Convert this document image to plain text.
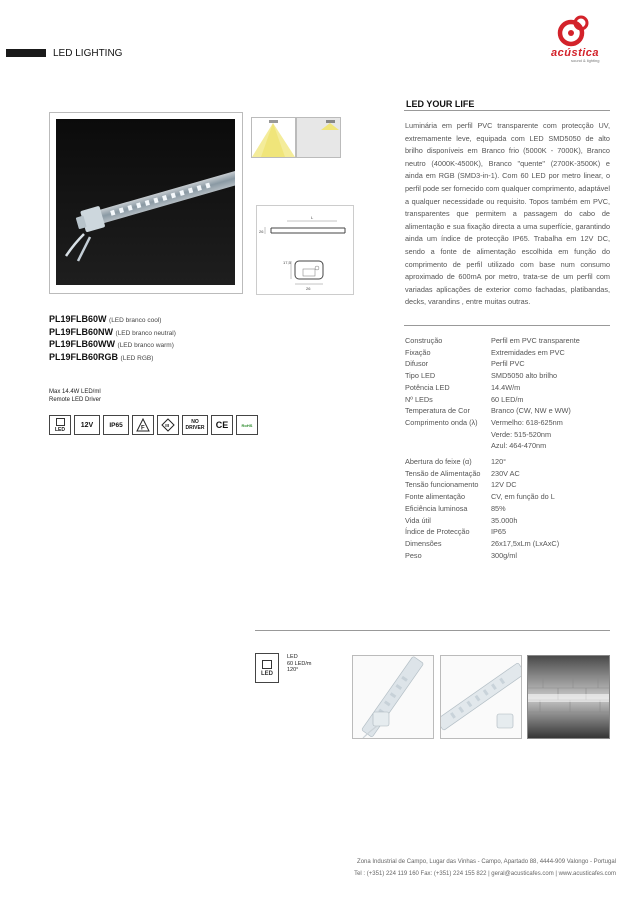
LED LIGHTING	acústica
sound & lighting
L
26
17,5
26
PL19FLB60W (LED branco cool)
PL19FLB60NW (LED branco neutral)
PL19FLB60WW (LED branco warm)
PL19FLB60RGB (LED RGB)
Max 14.4W LED/ml
Remote LED Driver
LED
12V	IP65	F	III
NO DRIVER	CE	RoHS
LED YOUR LIFE

Luminária em perfil PVC transparente com protecção UV, extremamente leve, equipada com LED SMD5050 de alto brilho disponíveis em Branco frio (5000K - 7000K), Branco neutro (4000K-4500K), Branco "quente" (2700K-3500K) e ainda em RGB (SMD3-in-1). Com 60 LED por metro linear, o perfil pode ser fornecido com qualquer comprimento, adaptável a qualquer necessidade ou requisito. Topos também em PVC, transparentes que permitem a passagem do cabo de alimentação e sua fixação directa a uma superfície, garantindo ainda um índice de protecção IP65. Trabalha em 12V DC, sendo a fonte de alimentação escolhida em função do comprimento de perfil utilizado com base num consumo aproximado de 600mA por metro, trata-se de um perfil com variadas aplicações de exterior como fachadas, platibandas, decks, varandins , entre muitas outras.

Construção	Perfil em PVC transparente
Fixação	Extremidades em PVC
Difusor	Perfil PVC
Tipo LED	SMD5050 alto brilho
Potência LED	14.4W/m
Nº LEDs	60 LED/m
Temperatura de Cor	Branco (CW, NW e WW)
Comprimento onda (λ)	Vermelho: 618-625nm
Verde: 515-520nm
Azul: 464-470nm
Abertura do feixe (α)	120°
Tensão de Alimentação	230V AC
Tensão funcionamento	12V DC
Fonte alimentação	CV, em função do L
Eficiência luminosa	85%
Vida útil	35.000h
Índice de Protecção	IP65
Dimensões	26x17,5xLm (LxAxC)
Peso	300g/ml
LED
LED
60 LED/m
120°
Zona Industrial de Campo, Lugar das Vinhas - Campo, Apartado 88, 4444-909 Valongo - Portugal
Tel : (+351) 224 119 160 Fax: (+351) 224 155 822 | geral@acusticafes.com | www.acusticafes.com
